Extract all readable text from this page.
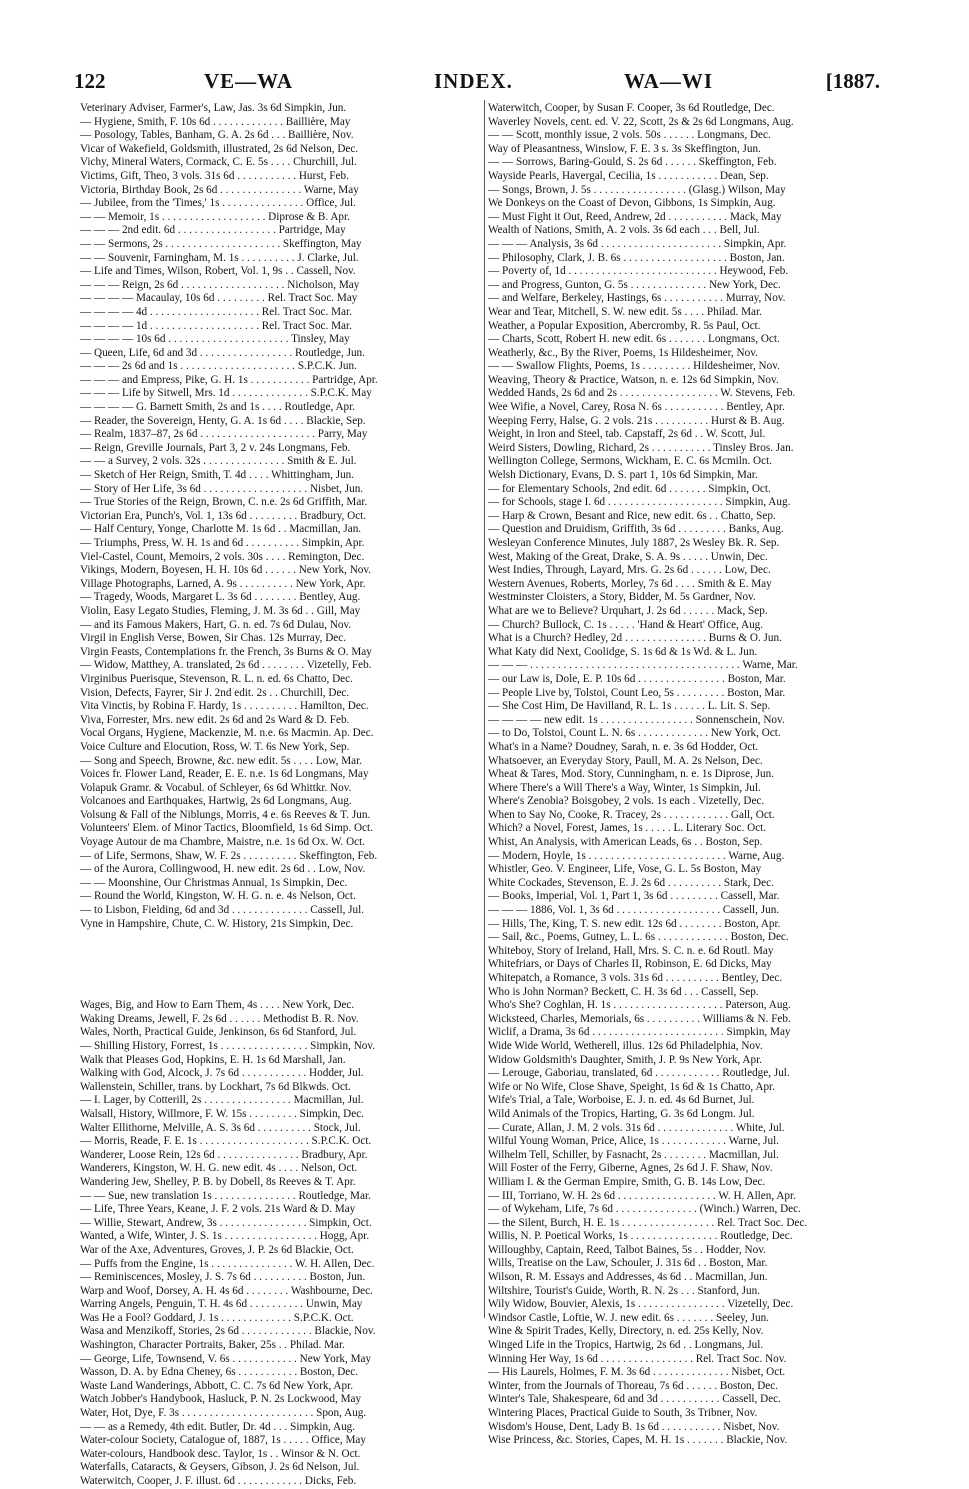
122	VE—WA	INDEX.	WA—WI	[1887.
Veterinary Adviser, Farmer's, Law, Jas. 3s 6d Simpkin, Jun.
— Hygiene, Smith, F. 10s 6d . . . . . . . . . . . . . Baillière, May
— Posology, Tables, Banham, G. A. 2s 6d . . . Baillière, Nov.
Vicar of Wakefield, Goldsmith, illustrated, 2s 6d Nelson, Dec.
Vichy, Mineral Waters, Cormack, C. E. 5s . . . . Churchill, Jul.
Victims, Gift, Theo, 3 vols. 31s 6d . . . . . . . . . . . Hurst, Feb.
Victoria, Birthday Book, 2s 6d . . . . . . . . . . . . . . . Warne, May
— Jubilee, from the 'Times,' 1s . . . . . . . . . . . . . . . Office, Jul.
— — Memoir, 1s . . . . . . . . . . . . . . . . . . . Diprose & B. Apr.
— — — 2nd edit. 6d . . . . . . . . . . . . . . . . . . Partridge, May
— — Sermons, 2s . . . . . . . . . . . . . . . . . . . . . Skeffington, May
— — Souvenir, Farningham, M. 1s . . . . . . . . . . J. Clarke, Jul.
— Life and Times, Wilson, Robert, Vol. 1, 9s . . Cassell, Nov.
— — — Reign, 2s 6d . . . . . . . . . . . . . . . . . . . Nicholson, May
— — — — Macaulay, 10s 6d . . . . . . . . . Rel. Tract Soc. May
— — — — 4d . . . . . . . . . . . . . . . . . . . . Rel. Tract Soc. Mar.
— — — — 1d . . . . . . . . . . . . . . . . . . . . Rel. Tract Soc. Mar.
— — — — 10s 6d . . . . . . . . . . . . . . . . . . . . . . Tinsley, May
— Queen, Life, 6d and 3d . . . . . . . . . . . . . . . . . Routledge, Jun.
— — — 2s 6d and 1s . . . . . . . . . . . . . . . . . . . . . S.P.C.K. Jun.
— — — and Empress, Pike, G. H. 1s . . . . . . . . . . . Partridge, Apr.
— — — Life by Sitwell, Mrs. 1d . . . . . . . . . . . . . . S.P.C.K. May
— — — — G. Barnett Smith, 2s and 1s . . . . Routledge, Apr.
— Reader, the Sovereign, Henty, G. A. 1s 6d . . . . Blackie, Sep.
— Realm, 1837–87, 2s 6d . . . . . . . . . . . . . . . . . . . . . Parry, May
— Reign, Greville Journals, Part 3, 2 v. 24s Longmans, Feb.
— — a Survey, 2 vols. 32s . . . . . . . . . . . . . . . Smith & E. Jul.
— Sketch of Her Reign, Smith, T. 4d . . . . Whittingham, Jun.
— Story of Her Life, 3s 6d . . . . . . . . . . . . . . . . . . . Nisbet, Jun.
— True Stories of the Reign, Brown, C. n.e. 2s 6d Griffith, Mar.
Victorian Era, Punch's, Vol. 1, 13s 6d . . . . . . . . . Bradbury, Oct.
— Half Century, Yonge, Charlotte M. 1s 6d . . Macmillan, Jan.
— Triumphs, Press, W. H. 1s and 6d . . . . . . . . . . Simpkin, Apr.
Viel-Castel, Count, Memoirs, 2 vols. 30s . . . . Remington, Dec.
Vikings, Modern, Boyesen, H. H. 10s 6d . . . . . . New York, Nov.
Village Photographs, Larned, A. 9s . . . . . . . . . . New York, Apr.
— Tragedy, Woods, Margaret L. 3s 6d . . . . . . . . Bentley, Aug.
Violin, Easy Legato Studies, Fleming, J. M. 3s 6d . . Gill, May
— and its Famous Makers, Hart, G. n. ed. 7s 6d Dulau, Nov.
Virgil in English Verse, Bowen, Sir Chas. 12s Murray, Dec.
Virgin Feasts, Contemplations fr. the French, 3s Burns & O. May
— Widow, Matthey, A. translated, 2s 6d . . . . . . . . Vizetelly, Feb.
Virginibus Puerisque, Stevenson, R. L. n. ed. 6s Chatto, Dec.
Vision, Defects, Fayrer, Sir J. 2nd edit. 2s . . Churchill, Dec.
Vita Vinctis, by Robina F. Hardy, 1s . . . . . . . . . . Hamilton, Dec.
Viva, Forrester, Mrs. new edit. 2s 6d and 2s Ward & D. Feb.
Vocal Organs, Hygiene, Mackenzie, M. n.e. 6s Macmin. Ap. Dec.
Voice Culture and Elocution, Ross, W. T. 6s New York, Sep.
— Song and Speech, Browne, &c. new edit. 5s . . . . Low, Mar.
Voices fr. Flower Land, Reader, E. E. n.e. 1s 6d Longmans, May
Volapuk Gramr. & Vocabul. of Schleyer, 6s 6d Whittkr. Nov.
Volcanoes and Earthquakes, Hartwig, 2s 6d Longmans, Aug.
Volsung & Fall of the Niblungs, Morris, 4 e. 6s Reeves & T. Jun.
Volunteers' Elem. of Minor Tactics, Bloomfield, 1s 6d Simp. Oct.
Voyage Autour de ma Chambre, Maistre, n.e. 1s 6d Ox. W. Oct.
— of Life, Sermons, Shaw, W. F. 2s . . . . . . . . . . Skeffington, Feb.
— of the Aurora, Collingwood, H. new edit. 2s 6d . . Low, Nov.
— — Moonshine, Our Christmas Annual, 1s Simpkin, Dec.
— Round the World, Kingston, W. H. G. n. e. 4s Nelson, Oct.
— to Lisbon, Fielding, 6d and 3d . . . . . . . . . . . . . . Cassell, Jul.
Vyne in Hampshire, Chute, C. W. History, 21s Simpkin, Dec.
Wages, Big, and How to Earn Them, 4s . . . . New York, Dec.
Waking Dreams, Jewell, F. 2s 6d . . . . . . Methodist B. R. Nov.
Wales, North, Practical Guide, Jenkinson, 6s 6d Stanford, Jul.
— Shilling History, Forrest, 1s . . . . . . . . . . . . . . . . Simpkin, Nov.
Walk that Pleases God, Hopkins, E. H. 1s 6d Marshall, Jan.
Walking with God, Alcock, J. 7s 6d . . . . . . . . . . . . Hodder, Jul.
Wallenstein, Schiller, trans. by Lockhart, 7s 6d Blkwds. Oct.
— I. Lager, by Cotterill, 2s . . . . . . . . . . . . . . . . Macmillan, Jul.
Walsall, History, Willmore, F. W. 15s . . . . . . . . . Simpkin, Dec.
Walter Ellithorne, Melville, A. S. 3s 6d . . . . . . . . . . Stock, Jul.
— Morris, Reade, F. E. 1s . . . . . . . . . . . . . . . . . . . . S.P.C.K. Oct.
Wanderer, Loose Rein, 12s 6d . . . . . . . . . . . . . . . Bradbury, Apr.
Wanderers, Kingston, W. H. G. new edit. 4s . . . . Nelson, Oct.
Wandering Jew, Shelley, P. B. by Dobell, 8s Reeves & T. Apr.
— — Sue, new translation 1s . . . . . . . . . . . . . . . Routledge, Mar.
— Life, Three Years, Keane, J. F. 2 vols. 21s Ward & D. May
— Willie, Stewart, Andrew, 3s . . . . . . . . . . . . . . . . Simpkin, Oct.
Wanted, a Wife, Winter, J. S. 1s . . . . . . . . . . . . . . . . . Hogg, Apr.
War of the Axe, Adventures, Groves, J. P. 2s 6d Blackie, Oct.
— Puffs from the Engine, 1s . . . . . . . . . . . . . . . W. H. Allen, Dec.
— Reminiscences, Mosley, J. S. 7s 6d . . . . . . . . . . Boston, Jun.
Warp and Woof, Dorsey, A. H. 4s 6d . . . . . . . . Washbourne, Dec.
Warring Angels, Penguin, T. H. 4s 6d . . . . . . . . . . Unwin, May
Was He a Fool? Goddard, J. 1s . . . . . . . . . . . . . S.P.C.K. Oct.
Wasa and Menzikoff, Stories, 2s 6d . . . . . . . . . . . . . Blackie, Nov.
Washington, Character Portraits, Baker, 25s . . Philad. Mar.
— George, Life, Townsend, V. 6s . . . . . . . . . . . . New York, May
Wasson, D. A. by Edna Cheney, 6s . . . . . . . . . . . Boston, Dec.
Waste Land Wanderings, Abbott, C. C. 7s 6d New York, Apr.
Watch Jobber's Handybook, Hasluck, P. N. 2s Lockwood, May
Water, Hot, Dye, F. 3s . . . . . . . . . . . . . . . . . . . . . . . . Spon, Aug.
— — as a Remedy, 4th edit. Butler, Dr. 4d . . . Simpkin, Aug.
Water-colour Society, Catalogue of, 1887, 1s . . . . . Office, May
Water-colours, Handbook desc. Taylor, 1s . . Winsor & N. Oct.
Waterfalls, Cataracts, & Geysers, Gibson, J. 2s 6d Nelson, Jul.
Waterwitch, Cooper, J. F. illust. 6d . . . . . . . . . . . . Dicks, Feb.
Waterwitch, Cooper, by Susan F. Cooper, 3s 6d Routledge, Dec.
Waverley Novels, cent. ed. V. 22, Scott, 2s & 2s 6d Longmans, Aug.
— — Scott, monthly issue, 2 vols. 50s . . . . . . Longmans, Dec.
Way of Pleasantness, Winslow, F. E. 3 s. 3s Skeffington, Jun.
— — Sorrows, Baring-Gould, S. 2s 6d . . . . . . Skeffington, Feb.
Wayside Pearls, Havergal, Cecilia, 1s . . . . . . . . . . . Dean, Sep.
— Songs, Brown, J. 5s . . . . . . . . . . . . . . . . . (Glasg.) Wilson, May
We Donkeys on the Coast of Devon, Gibbons, 1s Simpkin, Aug.
— Must Fight it Out, Reed, Andrew, 2d . . . . . . . . . . . Mack, May
Wealth of Nations, Smith, A. 2 vols. 3s 6d each . . . Bell, Jul.
— — — Analysis, 3s 6d . . . . . . . . . . . . . . . . . . . . . . Simpkin, Apr.
— Philosophy, Clark, J. B. 6s . . . . . . . . . . . . . . . . . . . Boston, Jan.
— Poverty of, 1d . . . . . . . . . . . . . . . . . . . . . . . . . . . Heywood, Feb.
— and Progress, Gunton, G. 5s . . . . . . . . . . . . . . New York, Dec.
— and Welfare, Berkeley, Hastings, 6s . . . . . . . . . . . Murray, Nov.
Wear and Tear, Mitchell, S. W. new edit. 5s . . . . Philad. Mar.
Weather, a Popular Exposition, Abercromby, R. 5s Paul, Oct.
— Charts, Scott, Robert H. new edit. 6s . . . . . . . Longmans, Oct.
Weatherly, &c., By the River, Poems, 1s Hildesheimer, Nov.
— — Swallow Flights, Poems, 1s . . . . . . . . . Hildesheimer, Nov.
Weaving, Theory & Practice, Watson, n. e. 12s 6d Simpkin, Nov.
Wedded Hands, 2s 6d and 2s . . . . . . . . . . . . . . . . . . W. Stevens, Feb.
Wee Wifie, a Novel, Carey, Rosa N. 6s . . . . . . . . . . . Bentley, Apr.
Weeping Ferry, Halse, G. 2 vols. 21s . . . . . . . . . . Hurst & B. Aug.
Weight, in Iron and Steel, tab. Capstaff, 2s 6d . . W. Scott, Jul.
Weird Sisters, Dowling, Richard, 2s . . . . . . . . . . . Tinsley Bros. Jan.
Wellington College, Sermons, Wickham, E. C. 6s Mcmiln. Oct.
Welsh Dictionary, Evans, D. S. part 1, 10s 6d Simpkin, Mar.
— for Elementary Schools, 2nd edit. 6d . . . . . . . Simpkin, Oct.
— for Schools, stage I. 6d . . . . . . . . . . . . . . . . . . . . . Simpkin, Aug.
— Harp & Crown, Besant and Rice, new edit. 6s . . Chatto, Sep.
— Question and Druidism, Griffith, 3s 6d . . . . . . . . . Banks, Aug.
Wesleyan Conference Minutes, July 1887, 2s Wesley Bk. R. Sep.
West, Making of the Great, Drake, S. A. 9s . . . . . Unwin, Dec.
West Indies, Through, Layard, Mrs. G. 2s 6d . . . . . . Low, Dec.
Western Avenues, Roberts, Morley, 7s 6d . . . . Smith & E. May
Westminster Cloisters, a Story, Bidder, M. 5s Gardner, Nov.
What are we to Believe? Urquhart, J. 2s 6d . . . . . . Mack, Sep.
— Church? Bullock, C. 1s . . . . . 'Hand & Heart' Office, Aug.
What is a Church? Hedley, 2d . . . . . . . . . . . . . . . Burns & O. Jun.
What Katy did Next, Coolidge, S. 1s 6d & 1s Wd. & L. Jun.
— — — . . . . . . . . . . . . . . . . . . . . . . . . . . . . . . . . . . . . . . Warne, Mar.
— our Law is, Dole, E. P. 10s 6d . . . . . . . . . . . . . . . . Boston, Mar.
— People Live by, Tolstoi, Count Leo, 5s . . . . . . . . . Boston, Mar.
— She Cost Him, De Havilland, R. L. 1s . . . . . . L. Lit. S. Sep.
— — — — new edit. 1s . . . . . . . . . . . . . . . . . Sonnenschein, Nov.
— to Do, Tolstoi, Count L. N. 6s . . . . . . . . . . . . . New York, Oct.
What's in a Name? Doudney, Sarah, n. e. 3s 6d Hodder, Oct.
Whatsoever, an Everyday Story, Paull, M. A. 2s Nelson, Dec.
Wheat & Tares, Mod. Story, Cunningham, n. e. 1s Diprose, Jun.
Where There's a Will There's a Way, Winter, 1s Simpkin, Jul.
Where's Zenobia? Boisgobey, 2 vols. 1s each . Vizetelly, Dec.
When to Say No, Cooke, R. Tracey, 2s . . . . . . . . . . . . Gall, Oct.
Which? a Novel, Forest, James, 1s . . . . . L. Literary Soc. Oct.
Whist, An Analysis, with American Leads, 6s . . Boston, Sep.
— Modern, Hoyle, 1s . . . . . . . . . . . . . . . . . . . . . . . . . Warne, Aug.
Whistler, Geo. V. Engineer, Life, Vose, G. L. 5s Boston, May
White Cockades, Stevenson, E. J. 2s 6d . . . . . . . . . . Stark, Dec.
— Books, Imperial, Vol. 1, Part 1, 3s 6d . . . . . . . . . Cassell, Mar.
— — — 1886, Vol. 1, 3s 6d . . . . . . . . . . . . . . . . . . . Cassell, Jun.
— Hills, The, King, T. S. new edit. 12s 6d . . . . . . . . Boston, Apr.
— Sail, &c., Poems, Gutney, L. L. 6s . . . . . . . . . . . . . Boston, Dec.
Whiteboy, Story of Ireland, Hall, Mrs. S. C. n. e. 6d Routl. May
Whitefriars, or Days of Charles II, Robinson, E. 6d Dicks, May
Whitepatch, a Romance, 3 vols. 31s 6d . . . . . . . . . . Bentley, Dec.
Who is John Norman? Beckett, C. H. 3s 6d . . . Cassell, Sep.
Who's She? Coghlan, H. 1s . . . . . . . . . . . . . . . . . . . . Paterson, Aug.
Wicksteed, Charles, Memorials, 6s . . . . . . . . . . Williams & N. Feb.
Wiclif, a Drama, 3s 6d . . . . . . . . . . . . . . . . . . . . . . . . Simpkin, May
Wide Wide World, Wetherell, illus. 12s 6d Philadelphia, Nov.
Widow Goldsmith's Daughter, Smith, J. P. 9s New York, Apr.
— Lerouge, Gaboriau, translated, 6d . . . . . . . . . . . . Routledge, Jul.
Wife or No Wife, Close Shave, Speight, 1s 6d & 1s Chatto, Apr.
Wife's Trial, a Tale, Worboise, E. J. n. ed. 4s 6d Burnet, Jul.
Wild Animals of the Tropics, Harting, G. 3s 6d Longm. Jul.
— Curate, Allan, J. M. 2 vols. 31s 6d . . . . . . . . . . . . . . White, Jul.
Wilful Young Woman, Price, Alice, 1s . . . . . . . . . . . . Warne, Jul.
Wilhelm Tell, Schiller, by Fasnacht, 2s . . . . . . . . Macmillan, Jul.
Will Foster of the Ferry, Giberne, Agnes, 2s 6d J. F. Shaw, Nov.
William I. & the German Empire, Smith, G. B. 14s Low, Dec.
— III, Torriano, W. H. 2s 6d . . . . . . . . . . . . . . . . . . W. H. Allen, Apr.
— of Wykeham, Life, 7s 6d . . . . . . . . . . . . . . . (Winch.) Warren, Dec.
— the Silent, Burch, H. E. 1s . . . . . . . . . . . . . . . . . Rel. Tract Soc. Dec.
Willis, N. P. Poetical Works, 1s . . . . . . . . . . . . . . . . Routledge, Dec.
Willoughby, Captain, Reed, Talbot Baines, 5s . . Hodder, Nov.
Wills, Treatise on the Law, Schouler, J. 31s 6d . . Boston, Mar.
Wilson, R. M. Essays and Addresses, 4s 6d . . Macmillan, Jun.
Wiltshire, Tourist's Guide, Worth, R. N. 2s . . . Stanford, Jun.
Wily Widow, Bouvier, Alexis, 1s . . . . . . . . . . . . . . . . Vizetelly, Dec.
Windsor Castle, Loftie, W. J. new edit. 6s . . . . . . . Seeley, Jun.
Wine & Spirit Trades, Kelly, Directory, n. ed. 25s Kelly, Nov.
Winged Life in the Tropics, Hartwig, 2s 6d . . Longmans, Jul.
Winning Her Way, 1s 6d . . . . . . . . . . . . . . . . . Rel. Tract Soc. Nov.
— His Laurels, Holmes, F. M. 3s 6d . . . . . . . . . . . . . . Nisbet, Oct.
Winter, from the Journals of Thoreau, 7s 6d . . . . . . Boston, Dec.
Winter's Tale, Shakespeare, 6d and 3d . . . . . . . . . . . Cassell, Dec.
Wintering Places, Practical Guide to South, 3s Tribner, Nov.
Wisdom's House, Dent, Lady B. 1s 6d . . . . . . . . . . . Nisbet, Nov.
Wise Princess, &c. Stories, Capes, M. H. 1s . . . . . . . Blackie, Nov.
